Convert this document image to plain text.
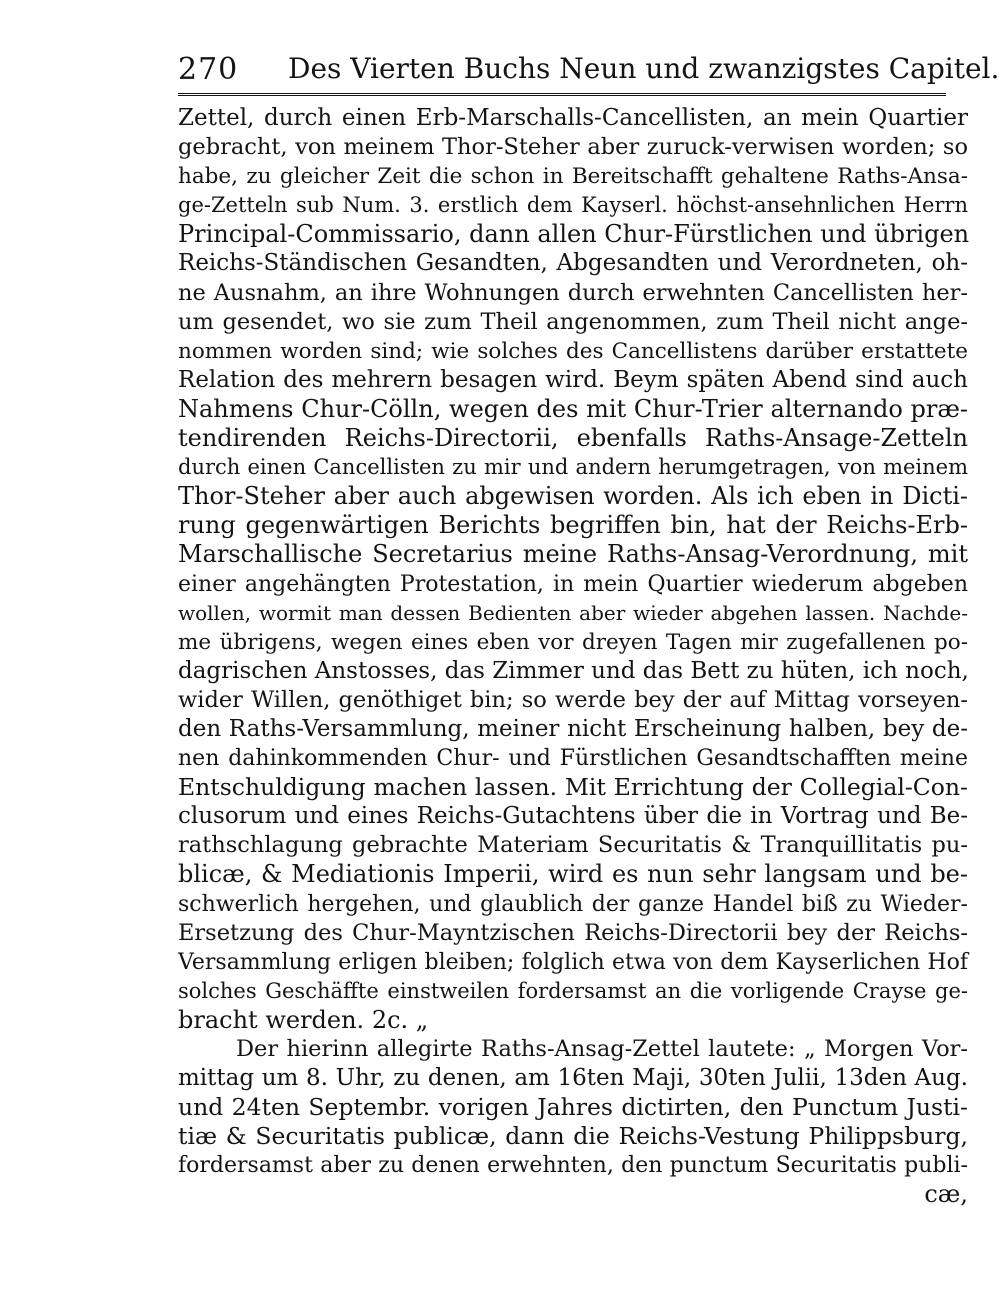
270 Des Vierten Buchs Neun und zwanzigstes Capitel.
Zettel, durch einen Erb-Marschalls-Cancellisten, an mein Quartier
gebracht, von meinem Thor-Steher aber zuruck-verwisen worden; so
habe, zu gleicher Zeit die schon in Bereitschafft gehaltene Raths-Ansa-
ge-Zetteln sub Num. 3. erstlich dem Kayserl. höchst-ansehnlichen Herrn
Principal-Commissario, dann allen Chur-Fürstlichen und übrigen
Reichs-Ständischen Gesandten, Abgesandten und Verordneten, oh-
ne Ausnahm, an ihre Wohnungen durch erwehnten Cancellisten her-
um gesendet, wo sie zum Theil angenommen, zum Theil nicht ange-
nommen worden sind; wie solches des Cancellistens darüber erstattete
Relation des mehrern besagen wird. Beym späten Abend sind auch
Nahmens Chur-Cölln, wegen des mit Chur-Trier alternando præ-
tendirenden Reichs-Directorii, ebenfalls Raths-Ansage-Zetteln
durch einen Cancellisten zu mir und andern herumgetragen, von meinem
Thor-Steher aber auch abgewisen worden. Als ich eben in Dicti-
rung gegenwärtigen Berichts begriffen bin, hat der Reichs-Erb-
Marschallische Secretarius meine Raths-Ansag-Verordnung, mit
einer angehängten Protestation, in mein Quartier wiederum abgeben
wollen, wormit man dessen Bedienten aber wieder abgehen lassen. Nachde-
me übrigens, wegen eines eben vor dreyen Tagen mir zugefallenen po-
dagrischen Anstosses, das Zimmer und das Bett zu hüten, ich noch,
wider Willen, genöthiget bin; so werde bey der auf Mittag vorseyen-
den Raths-Versammlung, meiner nicht Erscheinung halben, bey de-
nen dahinkommenden Chur- und Fürstlichen Gesandtschafften meine
Entschuldigung machen lassen. Mit Errichtung der Collegial-Con-
clusorum und eines Reichs-Gutachtens über die in Vortrag und Be-
rathschlagung gebrachte Materiam Securitatis & Tranquillitatis pu-
blicæ, & Mediationis Imperii, wird es nun sehr langsam und be-
schwerlich hergehen, und glaublich der ganze Handel biß zu Wieder-
Ersetzung des Chur-Mayntzischen Reichs-Directorii bey der Reichs-
Versammlung erligen bleiben; folglich etwa von dem Kayserlichen Hof
solches Geschäffte einstweilen fordersamst an die vorligende Crayse ge-
bracht werden. 2c. „
Der hierinn allegirte Raths-Ansag-Zettel lautete: „ Morgen Vor-
mittag um 8. Uhr, zu denen, am 16ten Maji, 30ten Julii, 13den Aug.
und 24ten Septembr. vorigen Jahres dictirten, den Punctum Justi-
tiæ & Securitatis publicæ, dann die Reichs-Vestung Philippsburg,
fordersamst aber zu denen erwehnten, den punctum Securitatis publi-
cæ,
